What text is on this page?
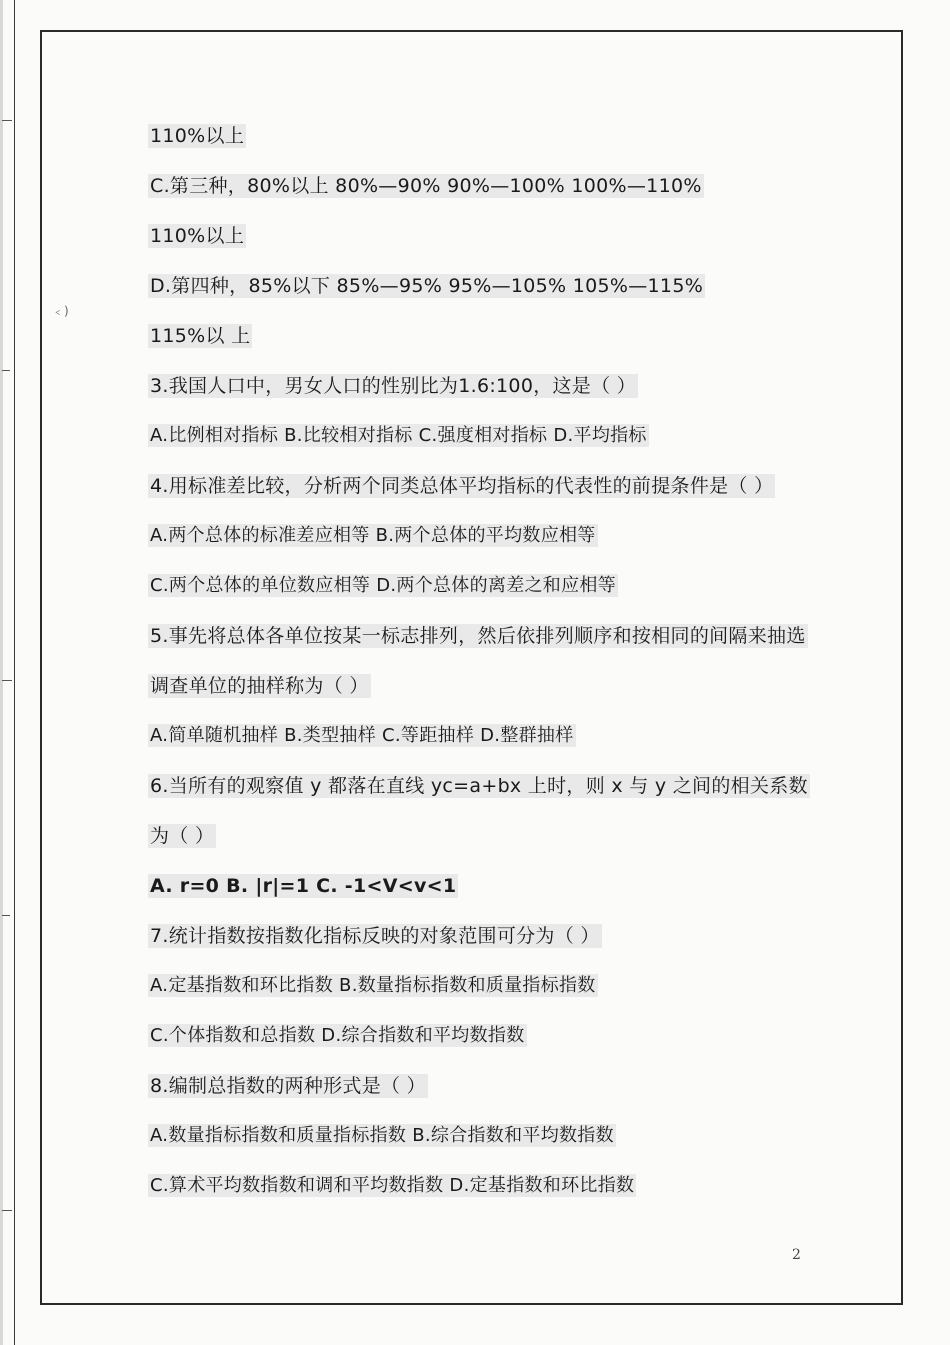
﹤)
110%以上
C.第三种，80%以上 80%—90% 90%—100% 100%—110%
110%以上
D.第四种，85%以下 85%—95% 95%—105% 105%—115%
115%以 上
3.我国人口中，男女人口的性别比为1.6:100，这是（ ）
A.比例相对指标 B.比较相对指标 C.强度相对指标 D.平均指标
4.用标准差比较，分析两个同类总体平均指标的代表性的前提条件是（ ）
A.两个总体的标准差应相等 B.两个总体的平均数应相等
C.两个总体的单位数应相等 D.两个总体的离差之和应相等
5.事先将总体各单位按某一标志排列，然后依排列顺序和按相同的间隔来抽选
调查单位的抽样称为（ ）
A.简单随机抽样 B.类型抽样 C.等距抽样 D.整群抽样
6.当所有的观察值 y 都落在直线 yc=a+bx 上时，则 x 与 y 之间的相关系数
为（ ）
A. r=0 B. |r|=1 C. -1<V<v<1
7.统计指数按指数化指标反映的对象范围可分为（ ）
A.定基指数和环比指数 B.数量指标指数和质量指标指数
C.个体指数和总指数 D.综合指数和平均数指数
8.编制总指数的两种形式是（ ）
A.数量指标指数和质量指标指数 B.综合指数和平均数指数
C.算术平均数指数和调和平均数指数 D.定基指数和环比指数
2
